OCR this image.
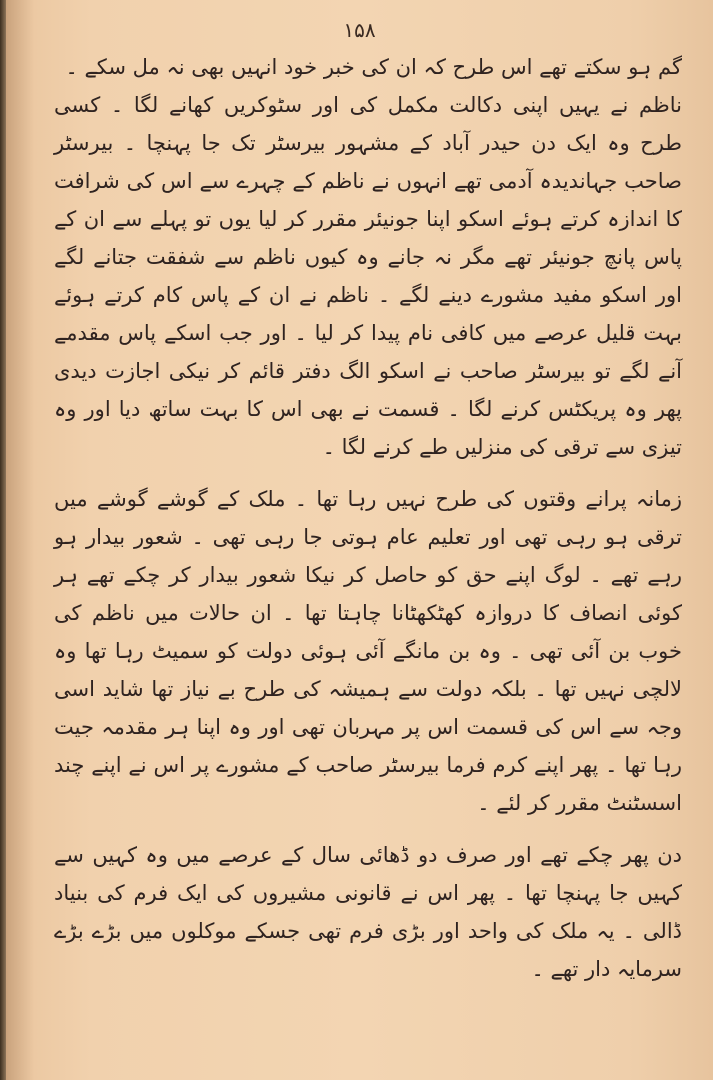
۱۵۸

گم ہو سکتے تھے اس طرح کہ ان کی خبر خود انہیں بھی نہ مل سکے ۔

ناظم نے یہیں اپنی دکالت مکمل کی اور سٹوکریں کھانے لگا ۔ کسی طرح وہ ایک دن حیدر آباد کے مشہور بیرسٹر تک جا پہنچا ۔ بیرسٹر صاحب جہاندیدہ آدمی تھے انہوں نے ناظم کے چہرے سے اس کی شرافت کا اندازہ کرتے ہوئے اسکو اپنا جونیئر مقرر کر لیا یوں تو پہلے سے ان کے پاس پانچ جونیئر تھے مگر نہ جانے وہ کیوں ناظم سے شفقت جتانے لگے اور اسکو مفید مشورے دینے لگے ۔ ناظم نے ان کے پاس کام کرتے ہوئے بہت قلیل عرصے میں کافی نام پیدا کر لیا ۔ اور جب اسکے پاس مقدمے آنے لگے تو بیرسٹر صاحب نے اسکو الگ دفتر قائم کر نیکی اجازت دیدی پھر وہ پریکٹس کرنے لگا ۔ قسمت نے بھی اس کا بہت ساتھ دیا اور وہ تیزی سے ترقی کی منزلیں طے کرنے لگا ۔

زمانہ پرانے وقتوں کی طرح نہیں رہا تھا ۔ ملک کے گوشے گوشے میں ترقی ہو رہی تھی اور تعلیم عام ہوتی جا رہی تھی ۔ شعور بیدار ہو رہے تھے ۔ لوگ اپنے حق کو حاصل کر نیکا شعور بیدار کر چکے تھے ہر کوئی انصاف کا دروازہ کھٹکھٹانا چاہتا تھا ۔ ان حالات میں ناظم کی خوب بن آئی تھی ۔ وہ بن مانگے آئی ہوئی دولت کو سمیٹ رہا تھا وہ لالچی نہیں تھا ۔ بلکہ دولت سے ہمیشہ کی طرح بے نیاز تھا شاید اسی وجہ سے اس کی قسمت اس پر مہربان تھی اور وہ اپنا ہر مقدمہ جیت رہا تھا ۔ پھر اپنے کرم فرما بیرسٹر صاحب کے مشورے پر اس نے اپنے چند اسسٹنٹ مقرر کر لئے ۔

دن پھر چکے تھے اور صرف دو ڈھائی سال کے عرصے میں وہ کہیں سے کہیں جا پہنچا تھا ۔ پھر اس نے قانونی مشیروں کی ایک فرم کی بنیاد ڈالی ۔ یہ ملک کی واحد اور بڑی فرم تھی جسکے موکلوں میں بڑے بڑے سرمایہ دار تھے ۔
